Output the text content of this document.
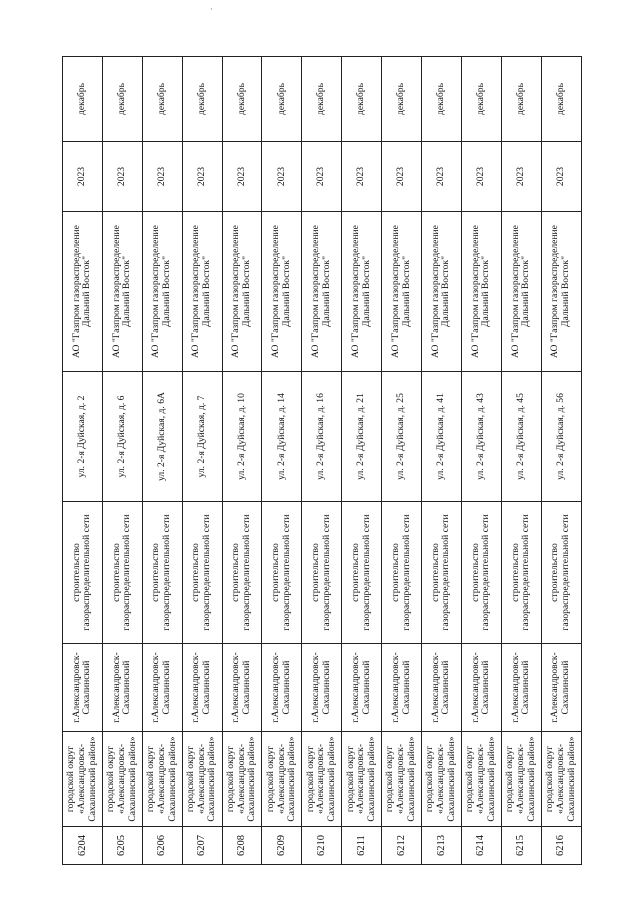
·
6204	городской округ «Александровск-Сахалинский район»	г.Александровск-Сахалинский	строительство газораспределительной сети	ул. 2-я Дуйская, д. 2	АО "Газпром газораспределение Дальний Восток"	2023	декабрь
6205	городской округ «Александровск-Сахалинский район»	г.Александровск-Сахалинский	строительство газораспределительной сети	ул. 2-я Дуйская, д. 6	АО "Газпром газораспределение Дальний Восток"	2023	декабрь
6206	городской округ «Александровск-Сахалинский район»	г.Александровск-Сахалинский	строительство газораспределительной сети	ул. 2-я Дуйская, д. 6А	АО "Газпром газораспределение Дальний Восток"	2023	декабрь
6207	городской округ «Александровск-Сахалинский район»	г.Александровск-Сахалинский	строительство газораспределительной сети	ул. 2-я Дуйская, д. 7	АО "Газпром газораспределение Дальний Восток"	2023	декабрь
6208	городской округ «Александровск-Сахалинский район»	г.Александровск-Сахалинский	строительство газораспределительной сети	ул. 2-я Дуйская, д. 10	АО "Газпром газораспределение Дальний Восток"	2023	декабрь
6209	городской округ «Александровск-Сахалинский район»	г.Александровск-Сахалинский	строительство газораспределительной сети	ул. 2-я Дуйская, д. 14	АО "Газпром газораспределение Дальний Восток"	2023	декабрь
6210	городской округ «Александровск-Сахалинский район»	г.Александровск-Сахалинский	строительство газораспределительной сети	ул. 2-я Дуйская, д. 16	АО "Газпром газораспределение Дальний Восток"	2023	декабрь
6211	городской округ «Александровск-Сахалинский район»	г.Александровск-Сахалинский	строительство газораспределительной сети	ул. 2-я Дуйская, д. 21	АО "Газпром газораспределение Дальний Восток"	2023	декабрь
6212	городской округ «Александровск-Сахалинский район»	г.Александровск-Сахалинский	строительство газораспределительной сети	ул. 2-я Дуйская, д. 25	АО "Газпром газораспределение Дальний Восток"	2023	декабрь
6213	городской округ «Александровск-Сахалинский район»	г.Александровск-Сахалинский	строительство газораспределительной сети	ул. 2-я Дуйская, д. 41	АО "Газпром газораспределение Дальний Восток"	2023	декабрь
6214	городской округ «Александровск-Сахалинский район»	г.Александровск-Сахалинский	строительство газораспределительной сети	ул. 2-я Дуйская, д. 43	АО "Газпром газораспределение Дальний Восток"	2023	декабрь
6215	городской округ «Александровск-Сахалинский район»	г.Александровск-Сахалинский	строительство газораспределительной сети	ул. 2-я Дуйская, д. 45	АО "Газпром газораспределение Дальний Восток"	2023	декабрь
6216	городской округ «Александровск-Сахалинский район»	г.Александровск-Сахалинский	строительство газораспределительной сети	ул. 2-я Дуйская, д. 56	АО "Газпром газораспределение Дальний Восток"	2023	декабрь
